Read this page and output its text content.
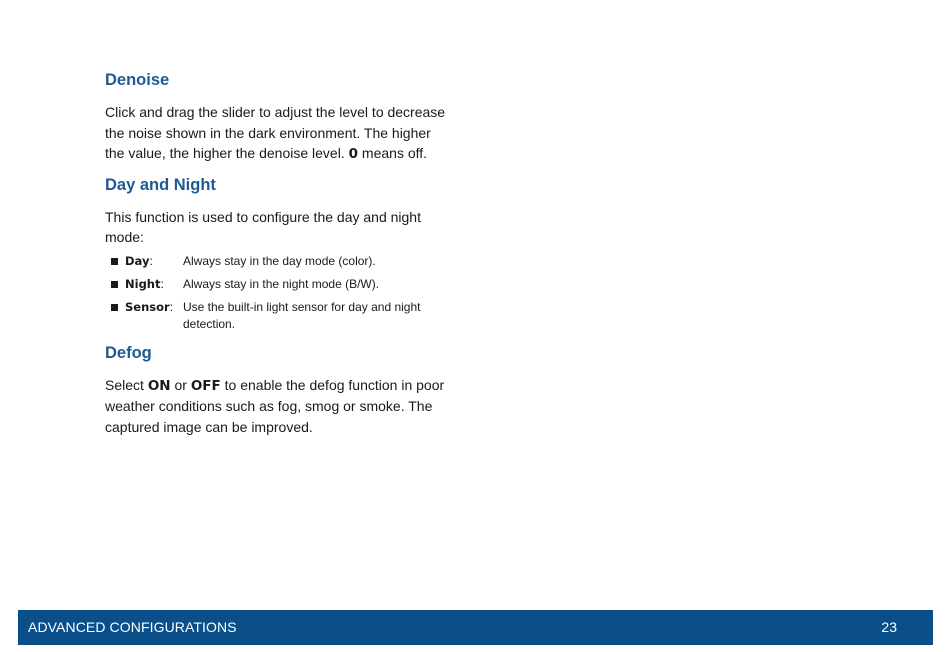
Denoise

Click and drag the slider to adjust the level to decrease the noise shown in the dark environment. The higher the value, the higher the denoise level. 0 means off.

Day and Night

This function is used to configure the day and night mode:

Day:	Always stay in the day mode (color).
Night:	Always stay in the night mode (B/W).
Sensor: Use the built-in light sensor for day and night detection.
Defog

Select ON or OFF to enable the defog function in poor weather conditions such as fog, smog or smoke. The captured image can be improved.

ADVANCED CONFIGURATIONS	23
